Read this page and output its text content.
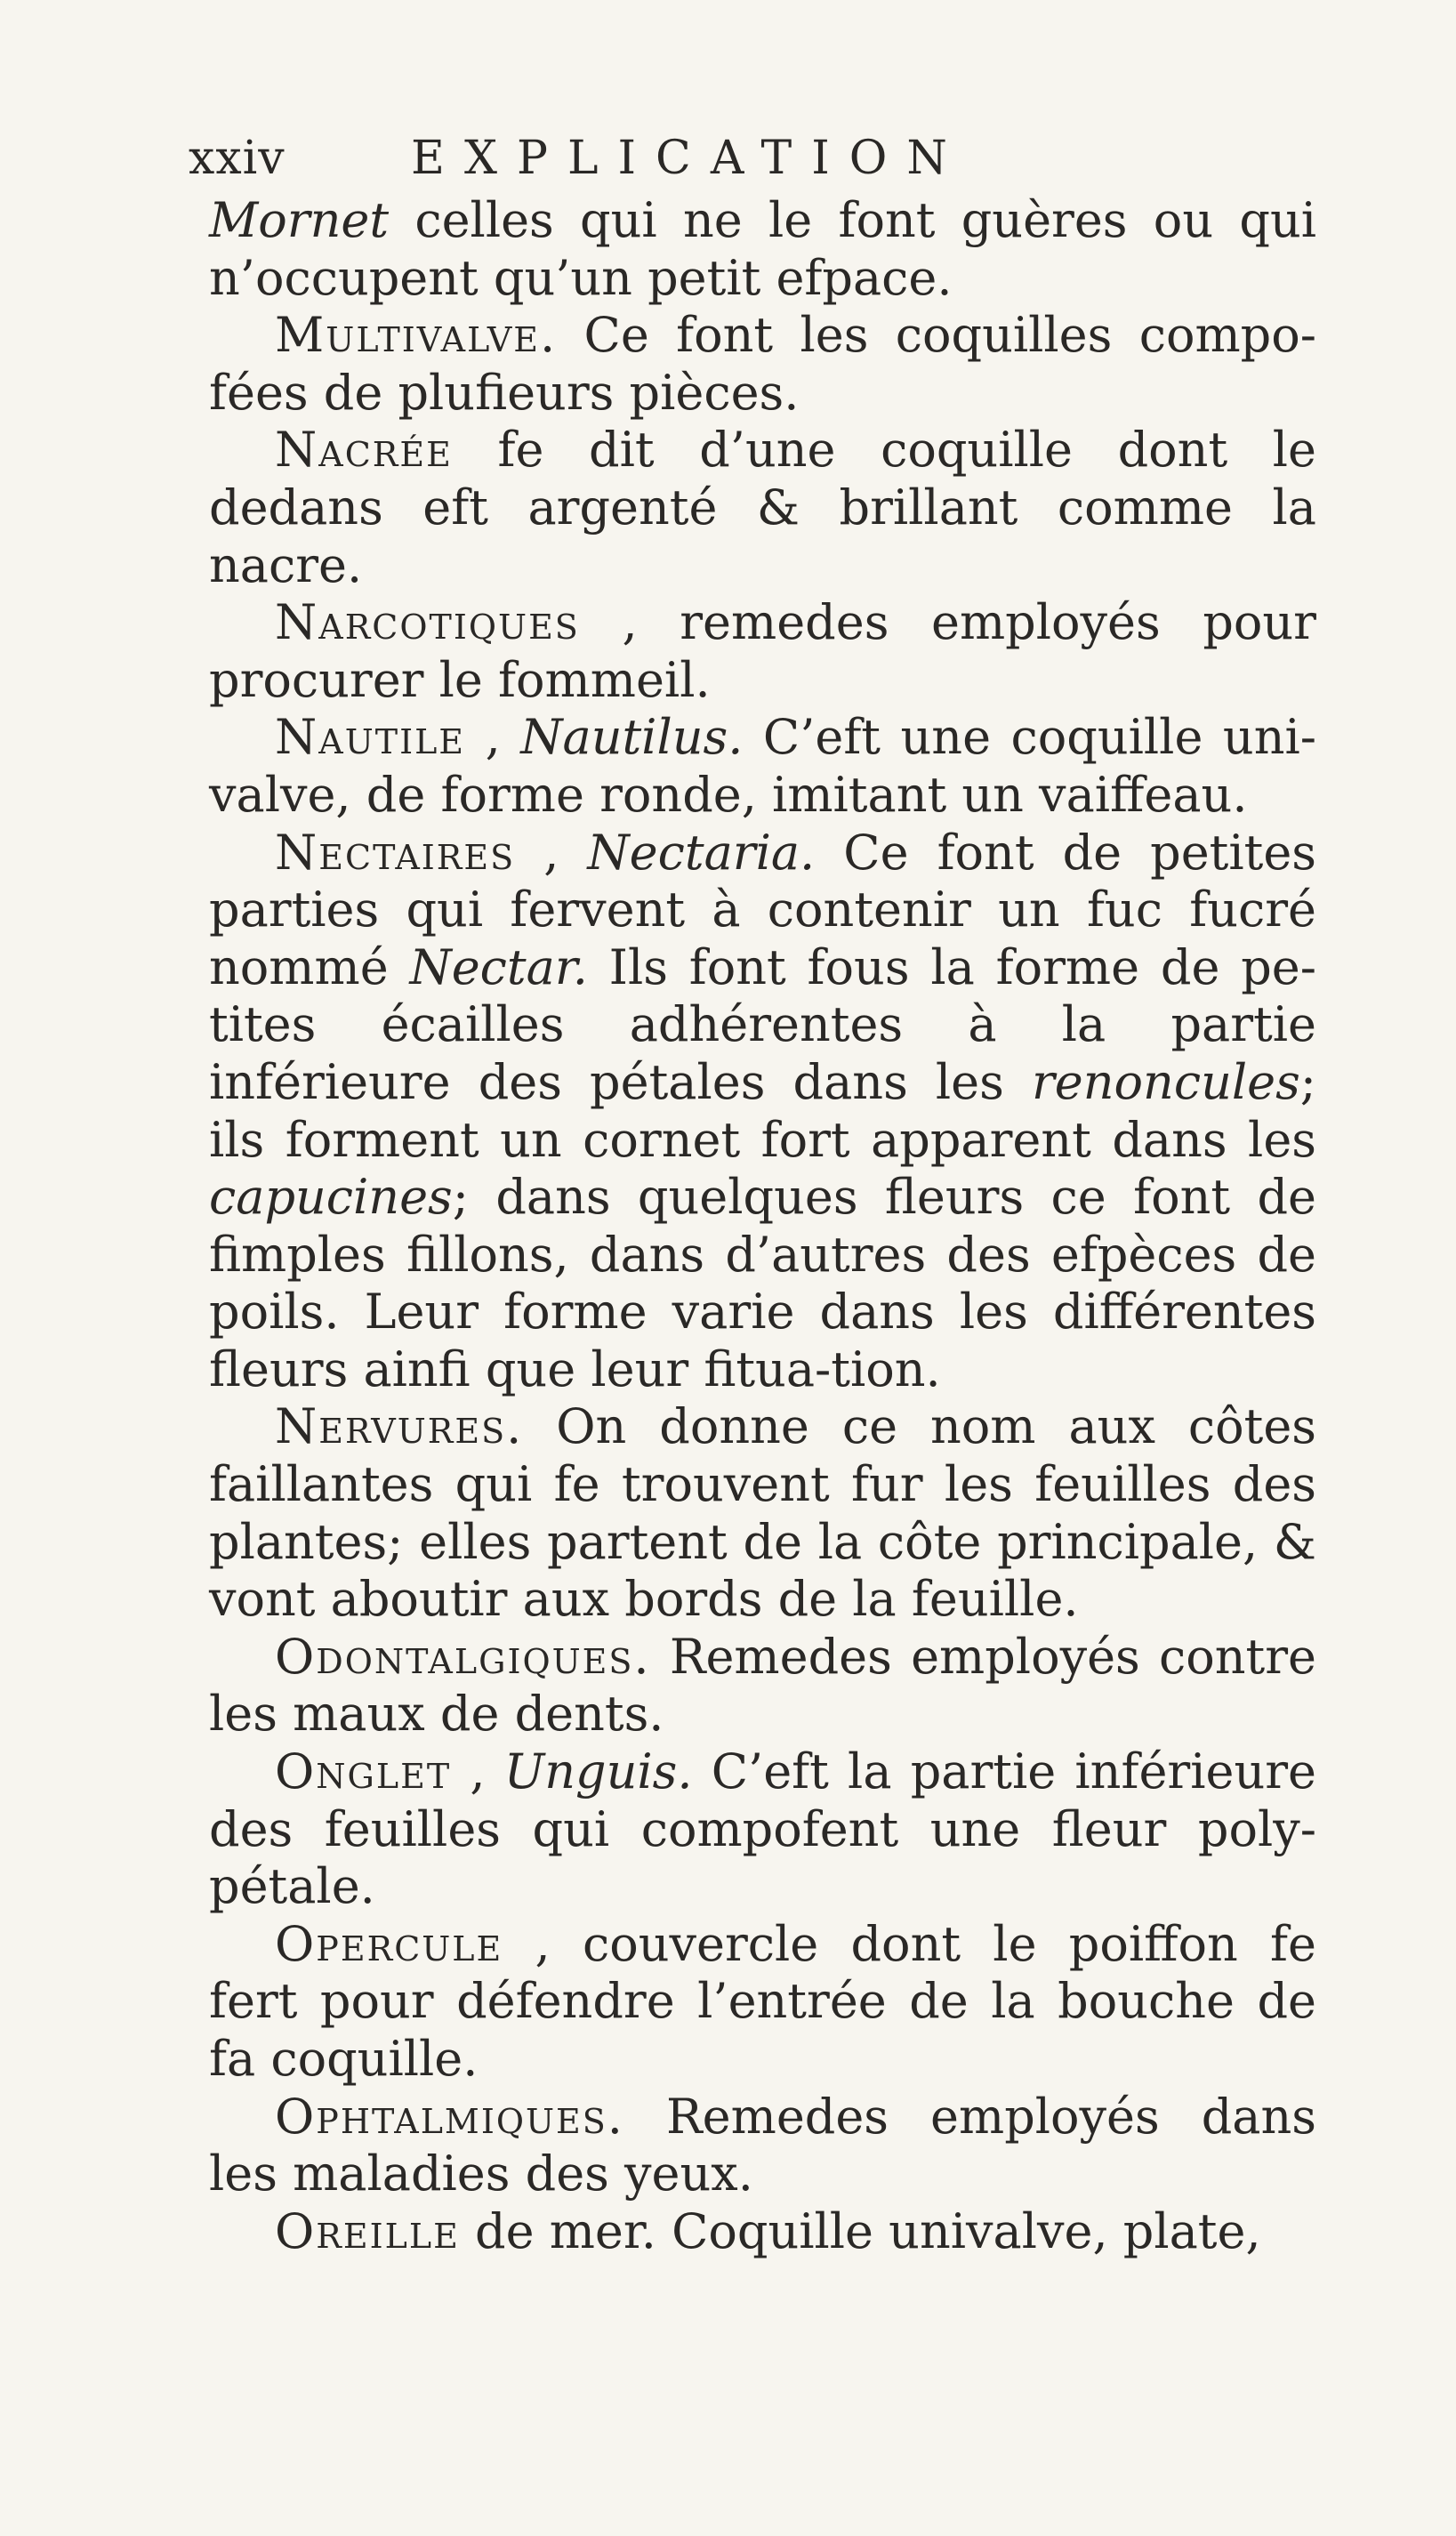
xxiv	EXPLICATION

Mornet celles qui ne le font guères ou qui n’occupent qu’un petit efpace.

Multivalve. Ce font les coquilles compo-fées de plufieurs pièces.

Nacrée fe dit d’une coquille dont le dedans eft argenté & brillant comme la nacre.

Narcotiques , remedes employés pour procurer le fommeil.

Nautile , Nautilus. C’eft une coquille uni-valve, de forme ronde, imitant un vaiffeau.

Nectaires , Nectaria. Ce font de petites parties qui fervent à contenir un fuc fucré nommé Nectar. Ils font fous la forme de pe-tites écailles adhérentes à la partie inférieure des pétales dans les renoncules; ils forment un cornet fort apparent dans les capucines; dans quelques fleurs ce font de fimples fillons, dans d’autres des efpèces de poils. Leur forme varie dans les différentes fleurs ainfi que leur fitua-tion.

Nervures. On donne ce nom aux côtes faillantes qui fe trouvent fur les feuilles des plantes; elles partent de la côte principale, & vont aboutir aux bords de la feuille.

Odontalgiques. Remedes employés contre les maux de dents.

Onglet , Unguis. C’eft la partie inférieure des feuilles qui compofent une fleur poly-pétale.

Opercule , couvercle dont le poiffon fe fert pour défendre l’entrée de la bouche de fa coquille.

Ophtalmiques. Remedes employés dans les maladies des yeux.

Oreille de mer. Coquille univalve, plate,
